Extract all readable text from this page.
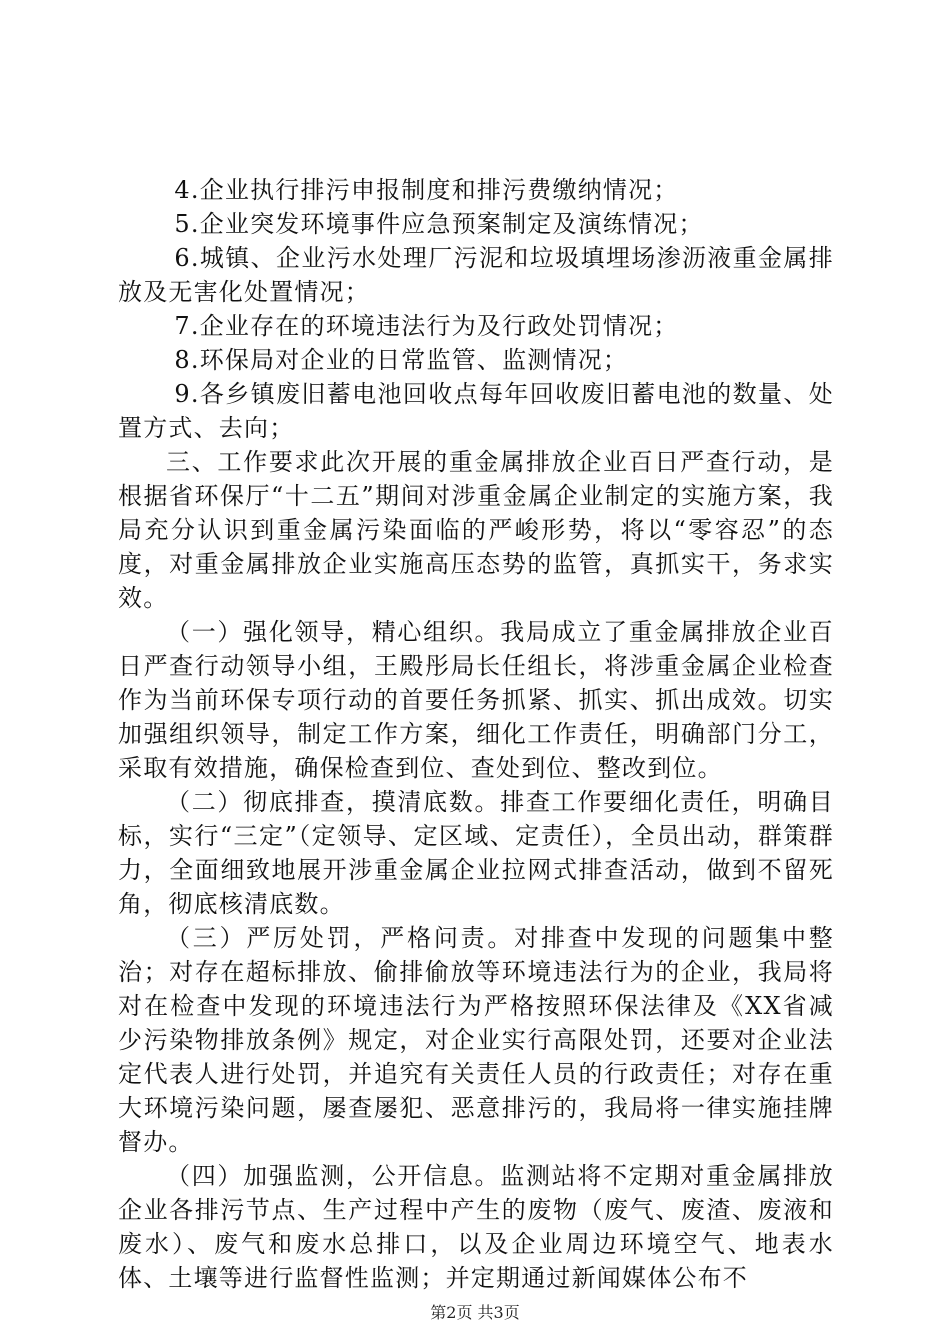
4.企业执行排污申报制度和排污费缴纳情况；

5.企业突发环境事件应急预案制定及演练情况；

6.城镇、企业污水处理厂污泥和垃圾填埋场渗沥液重金属排放及无害化处置情况；

7.企业存在的环境违法行为及行政处罚情况；

8.环保局对企业的日常监管、监测情况；

9.各乡镇废旧蓄电池回收点每年回收废旧蓄电池的数量、处置方式、去向；

三、工作要求此次开展的重金属排放企业百日严查行动，是根据省环保厅“十二五”期间对涉重金属企业制定的实施方案，我局充分认识到重金属污染面临的严峻形势，将以“零容忍”的态度，对重金属排放企业实施高压态势的监管，真抓实干，务求实效。

（一）强化领导，精心组织。我局成立了重金属排放企业百日严查行动领导小组，王殿彤局长任组长，将涉重金属企业检查作为当前环保专项行动的首要任务抓紧、抓实、抓出成效。切实加强组织领导，制定工作方案，细化工作责任，明确部门分工，采取有效措施，确保检查到位、查处到位、整改到位。

（二）彻底排查，摸清底数。排查工作要细化责任，明确目标，实行“三定”（定领导、定区域、定责任），全员出动，群策群力，全面细致地展开涉重金属企业拉网式排查活动，做到不留死角，彻底核清底数。

（三）严厉处罚，严格问责。对排查中发现的问题集中整治；对存在超标排放、偷排偷放等环境违法行为的企业，我局将对在检查中发现的环境违法行为严格按照环保法律及《XX省减少污染物排放条例》规定，对企业实行高限处罚，还要对企业法定代表人进行处罚，并追究有关责任人员的行政责任；对存在重大环境污染问题，屡查屡犯、恶意排污的，我局将一律实施挂牌督办。

（四）加强监测，公开信息。监测站将不定期对重金属排放企业各排污节点、生产过程中产生的废物（废气、废渣、废液和废水）、废气和废水总排口，以及企业周边环境空气、地表水体、土壤等进行监督性监测；并定期通过新闻媒体公布不

第2页 共3页
